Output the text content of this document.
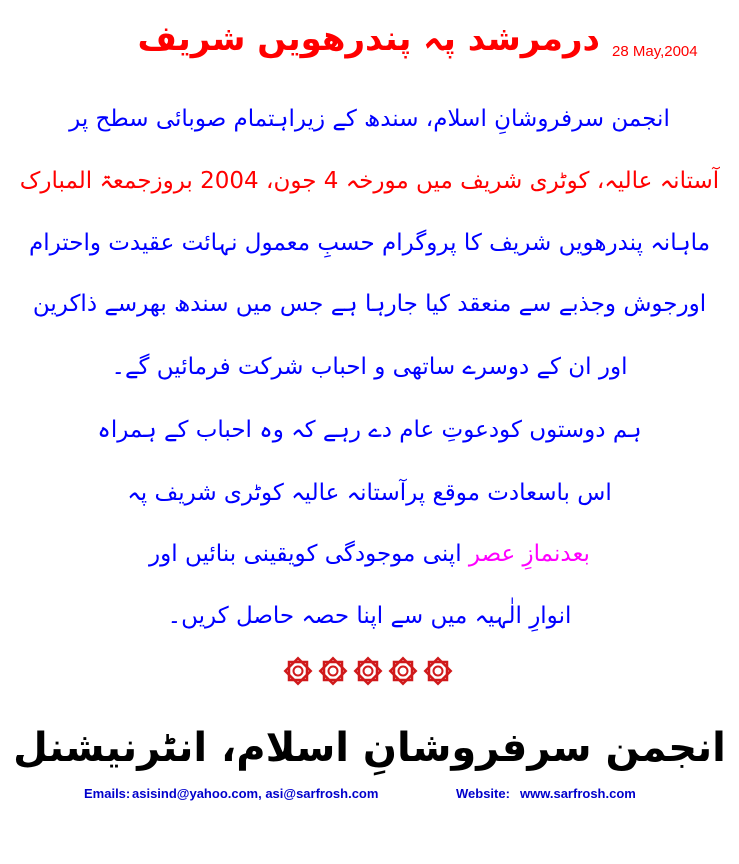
درمرشد پہ پندرھویں شریف 28 May,2004
انجمن سرفروشانِ اسلام، سندھ کے زیراہتمام صوبائی سطح پر
آستانہ عالیہ، کوٹری شریف میں مورخہ 4 جون، 2004 بروزجمعۃ المبارک
ماہانہ پندرھویں شریف کا پروگرام حسبِ معمول نہائت عقیدت واحترام
اورجوش وجذبے سے منعقد کیا جارہا ہے جس میں سندھ بھرسے ذاکرین
اور ان کے دوسرے ساتھی و احباب شرکت فرمائیں گے۔
ہم دوستوں کودعوتِ عام دے رہے کہ وہ احباب کے ہمراہ
اس باسعادت موقع پرآستانہ عالیہ کوٹری شریف پہ
بعدنمازِ عصر اپنی موجودگی کویقینی بنائیں اور
انوارِ الٰہیہ میں سے اپنا حصہ حاصل کریں۔
انجمن سرفروشانِ اسلام، انٹرنیشنل
Emails: asisind@yahoo.com, asi@sarfrosh.com	Website: www.sarfrosh.com
